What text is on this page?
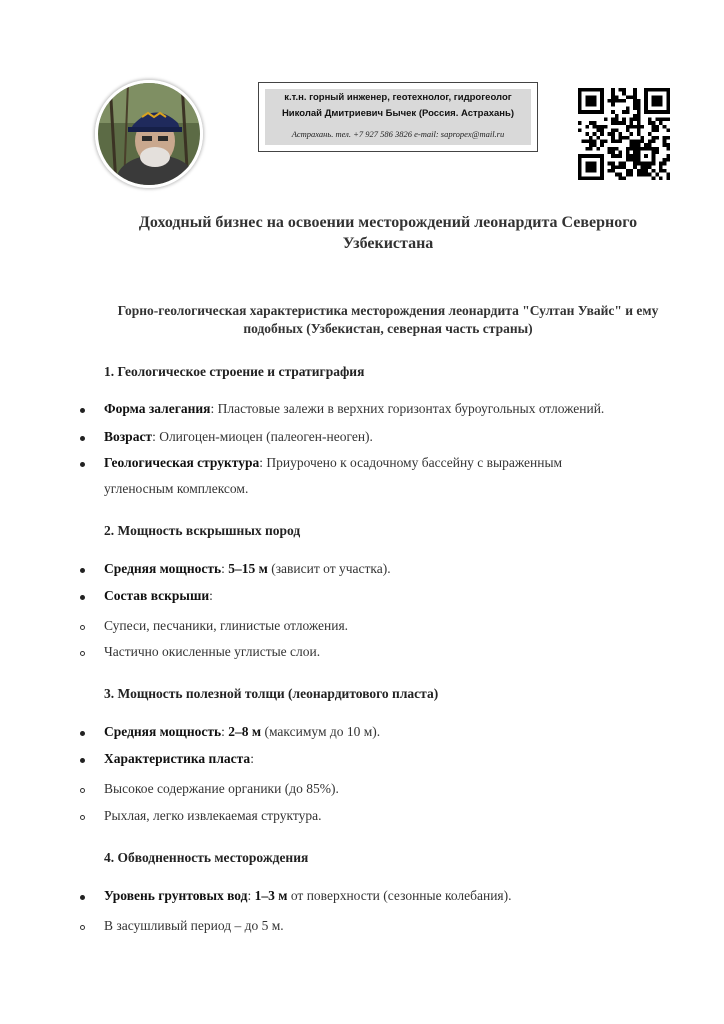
к.т.н. горный инженер, геотехнолог, гидрогеолог
Николай Дмитриевич Бычек (Россия. Астрахань)
Астрахань. тел. +7 927 586 3826 e-mail: sapropex@mail.ru
Доходный бизнес на освоении месторождений леонардита Северного Узбекистана
Горно-геологическая характеристика месторождения леонардита "Султан Увайс" и ему подобных (Узбекистан, северная часть страны)
1. Геологическое строение и стратиграфия
Форма залегания: Пластовые залежи в верхних горизонтах буроугольных отложений.
Возраст: Олигоцен-миоцен (палеоген-неоген).
Геологическая структура: Приурочено к осадочному бассейну с выраженным
угленосным комплексом.
2. Мощность вскрышных пород
Средняя мощность: 5–15 м (зависит от участка).
Состав вскрыши:
Супеси, песчаники, глинистые отложения.
Частично окисленные углистые слои.
3. Мощность полезной толщи (леонардитового пласта)
Средняя мощность: 2–8 м (максимум до 10 м).
Характеристика пласта:
Высокое содержание органики (до 85%).
Рыхлая, легко извлекаемая структура.
4. Обводненность месторождения
Уровень грунтовых вод: 1–3 м от поверхности (сезонные колебания).
В засушливый период – до 5 м.
